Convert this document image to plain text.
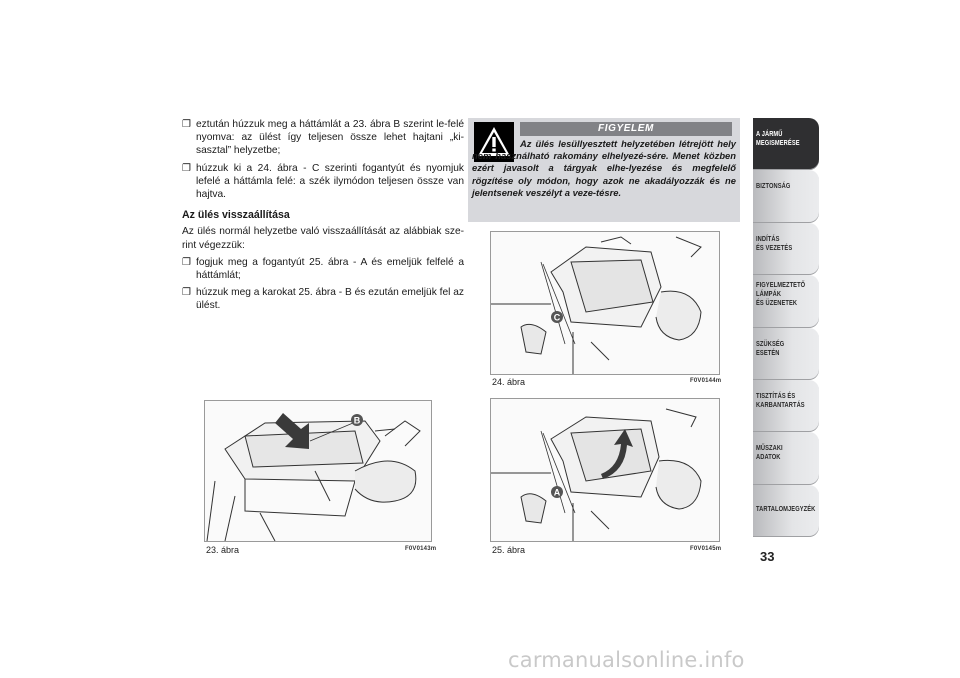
❐ eztután húzzuk meg a háttámlát a 23. ábra B szerint le-felé nyomva: az ülést így teljesen össze lehet hajtani „ki-sasztal” helyzetbe;
❐ húzzuk ki a 24. ábra - C szerinti fogantyút és nyomjuk lefelé a háttámla felé: a szék ilymódon teljesen össze van hajtva.
Az ülés visszaállítása
Az ülés normál helyzetbe való visszaállítását az alábbiak sze-rint végezzük:
❐ fogjuk meg a fogantyút 25. ábra - A és emeljük felfelé a háttámlát;
❐ húzzuk meg a karokat 25. ábra - B és ezután emeljük fel az ülést.
B
23. ábra	F0V0143m
FIGYELEM
Az ülés lesüllyesztett helyzetében létrejött hely nem használható rakomány elhelyezé-sére. Menet közben ezért javasolt a tárgyak elhe-lyezése és megfelelő rögzítése oly módon, hogy azok ne akadályozzák és ne jelentsenek veszélyt a veze-tésre.
C
24. ábra	F0V0144m
A
25. ábra	F0V0145m
A JÁRMŰ
MEGISMERÉSE
BIZTONSÁG
INDÍTÁS
ÉS VEZETÉS
FIGYELMEZTETŐ
LÁMPÁK
ÉS ÜZENETEK
SZÜKSÉG
ESETÉN
TISZTÍTÁS ÉS
KARBANTARTÁS
MŰSZAKI
ADATOK
TARTALOMJEGYZÉK
33
carmanualsonline.info
